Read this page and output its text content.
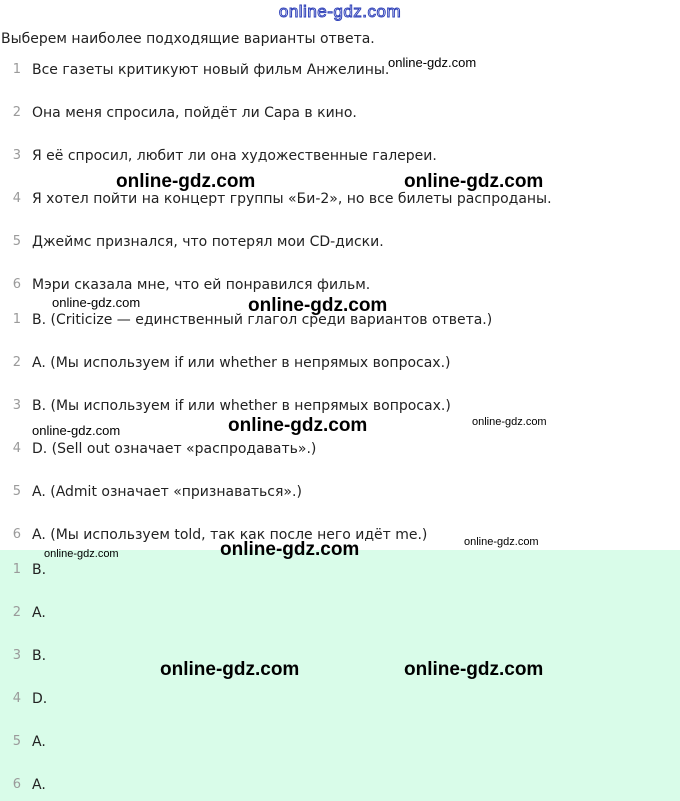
online-gdz.com
Выберем наиболее подходящие варианты ответа.
1 Все газеты критикуют новый фильм Анжелины.
2 Она меня спросила, пойдёт ли Сара в кино.
3 Я её спросил, любит ли она художественные галереи.
4 Я хотел пойти на концерт группы «Би-2», но все билеты распроданы.
5 Джеймс признался, что потерял мои CD-диски.
6 Мэри сказала мне, что ей понравился фильм.
1 B. (Criticize — единственный глагол среди вариантов ответа.)
2 A. (Мы используем if или whether в непрямых вопросах.)
3 B. (Мы используем if или whether в непрямых вопросах.)
4 D. (Sell out означает «распродавать».)
5 A. (Admit означает «признаваться».)
6 A. (Мы используем told, так как после него идёт me.)
1 B.
2 A.
3 B.
4 D.
5 A.
6 A.
online-gdz.com
online-gdz.com	online-gdz.com
online-gdz.com	online-gdz.com
online-gdz.com
online-gdz.com	online-gdz.com
online-gdz.com
online-gdz.com	online-gdz.com
online-gdz.com	online-gdz.com
